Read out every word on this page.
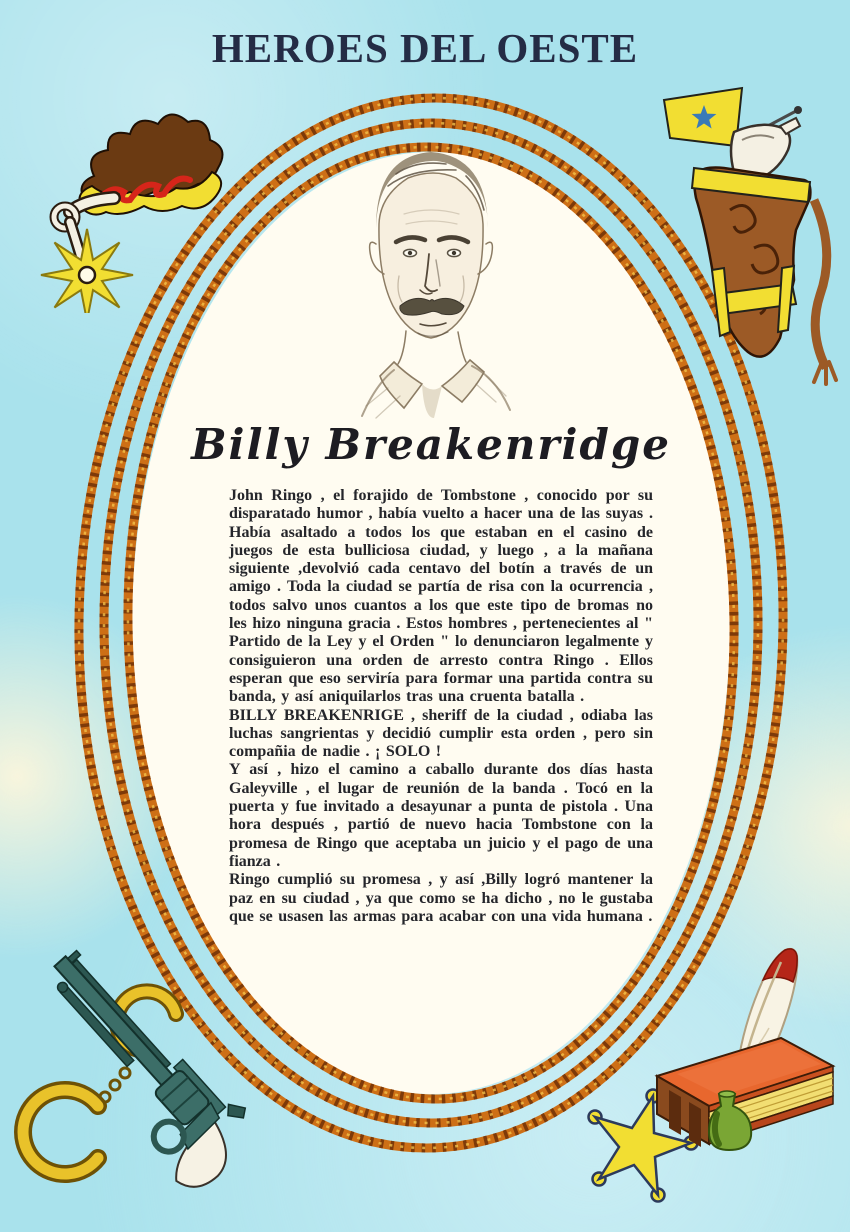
HEROES DEL OESTE
Billy Breakenridge

John Ringo , el forajido de Tombstone , conocido por su disparatado humor , había vuelto a hacer una de las suyas . Había asaltado a todos los que estaban en el casino de juegos de esta bulliciosa ciudad, y luego , a la mañana siguiente ,devolvió cada centavo del botín a través de un amigo . Toda la ciudad se partía de risa con la ocurrencia , todos salvo unos cuantos a los que este tipo de bromas no les hizo ninguna gracia . Estos hombres , pertenecientes al " Partido de la Ley y el Orden " lo denunciaron legalmente y consiguieron una orden de arresto contra Ringo . Ellos esperan que eso serviría para formar una partida contra su banda, y así aniquilarlos tras una cruenta batalla .

BILLY BREAKENRIGE , sheriff de la ciudad , odiaba las luchas sangrientas y decidió cumplir esta orden , pero sin compañia de nadie . ¡ SOLO !

Y así , hizo el camino a caballo durante dos días hasta Galeyville , el lugar de reunión de la banda . Tocó en la puerta y fue invitado a desayunar a punta de pistola . Una hora después , partió de nuevo hacia Tombstone con la promesa de Ringo que aceptaba un juicio y el pago de una fianza .

Ringo cumplió su promesa , y así ,Billy logró mantener la paz en su ciudad , ya que como se ha dicho , no le gustaba que se usasen las armas para acabar con una vida humana .
